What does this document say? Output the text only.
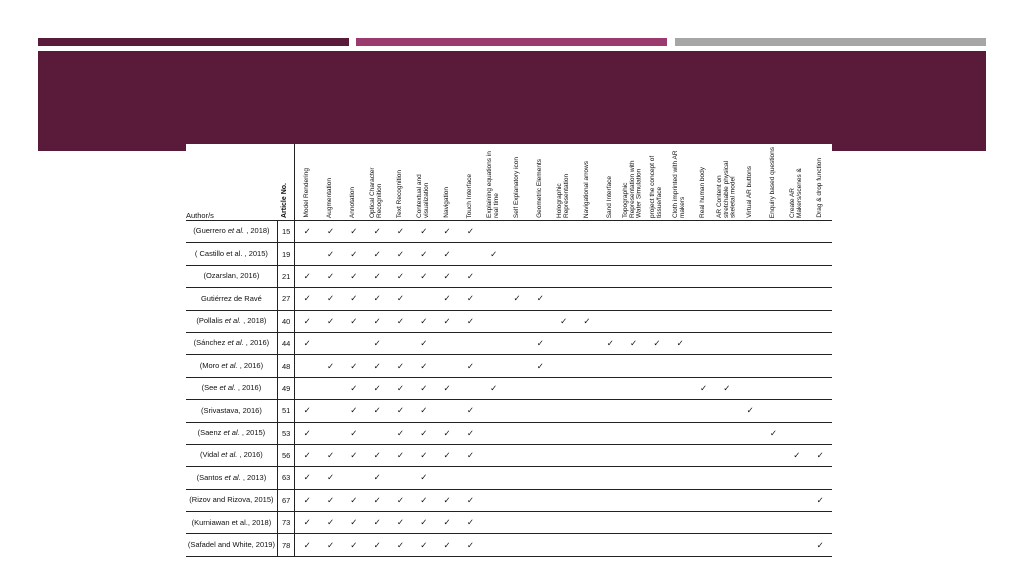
Author/s	Article No.	Model Rendering	Augmentation	Annotation	Optical Character Recognition	Text Recognition	Contextual and visualization	Navigation	Touch Interface	Explaining equations in real time	Self Explanatory icon	Geometric Elements	Holographic Representation	Navigational arrows	Sand Interface	Topographic Representation with Water Simulation	project the concept of tissue/face	Cloth imprinted with AR makers	Real human body	AR Content on stretchable physical skeletal model	Virtual AR buttons	Enquiry based questions	Create AR Makers/scenes &	Drag & drop function

(Guerrero et al. , 2018)	15	✓	✓	✓	✓	✓	✓	✓	✓															
( Castillo et al. , 2015)	19		✓	✓	✓	✓	✓	✓		✓														
(Ozarslan, 2016)	21	✓	✓	✓	✓	✓	✓	✓	✓															
Gutiérrez de Ravé	27	✓	✓	✓	✓	✓		✓	✓		✓	✓												
(Pollalis et al. , 2018)	40	✓	✓	✓	✓	✓	✓	✓	✓				✓	✓										
(Sánchez et al. , 2016)	44	✓			✓		✓					✓			✓	✓	✓	✓						
(Moro et al. , 2016)	48		✓	✓	✓	✓	✓		✓			✓												
(See et al. , 2016)	49			✓	✓	✓	✓	✓		✓									✓	✓				
(Srivastava, 2016)	51	✓		✓	✓	✓	✓		✓												✓			
(Saenz et al. , 2015)	53	✓		✓		✓	✓	✓	✓													✓		
(Vidal et al. , 2016)	56	✓	✓	✓	✓	✓	✓	✓	✓														✓	✓
(Santos et al. , 2013)	63	✓	✓		✓		✓																	
(Rizov and Rizova, 2015)	67	✓	✓	✓	✓	✓	✓	✓	✓															✓
(Kurniawan et al., 2018)	73	✓	✓	✓	✓	✓	✓	✓	✓															
(Safadel and White, 2019)	78	✓	✓	✓	✓	✓	✓	✓	✓															✓
